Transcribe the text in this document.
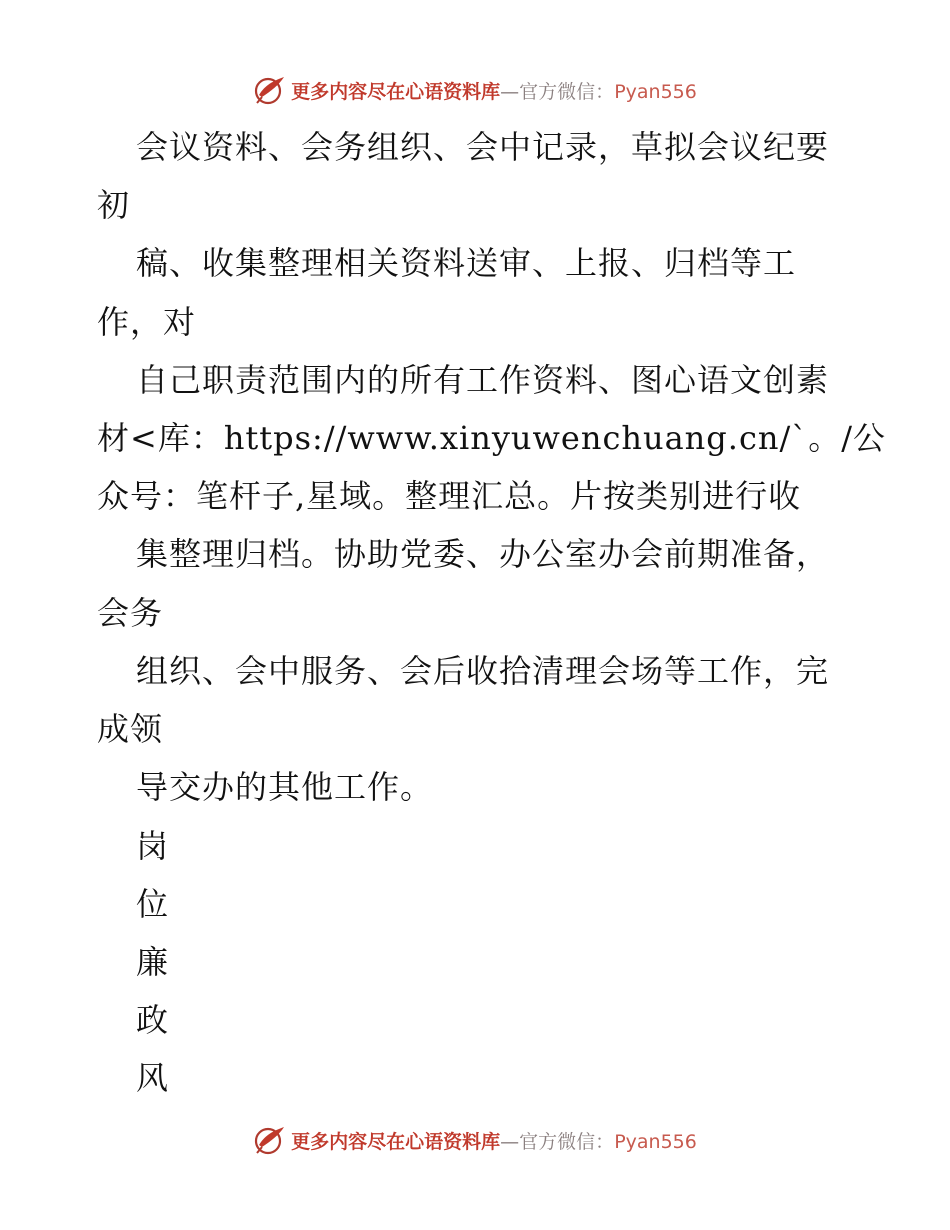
更多内容尽在心语资料库—官方微信：Pyan556
会议资料、会务组织、会中记录，草拟会议纪要
初
稿、收集整理相关资料送审、上报、归档等工
作，对
自己职责范围内的所有工作资料、图心语文创素
材<库：https://www.xinyuwenchuang.cn/`。/公
众号：笔杆子,星域。整理汇总。片按类别进行收
集整理归档。协助党委、办公室办会前期准备，
会务
组织、会中服务、会后收拾清理会场等工作，完
成领
导交办的其他工作。
岗
位
廉
政
风
更多内容尽在心语资料库—官方微信：Pyan556
